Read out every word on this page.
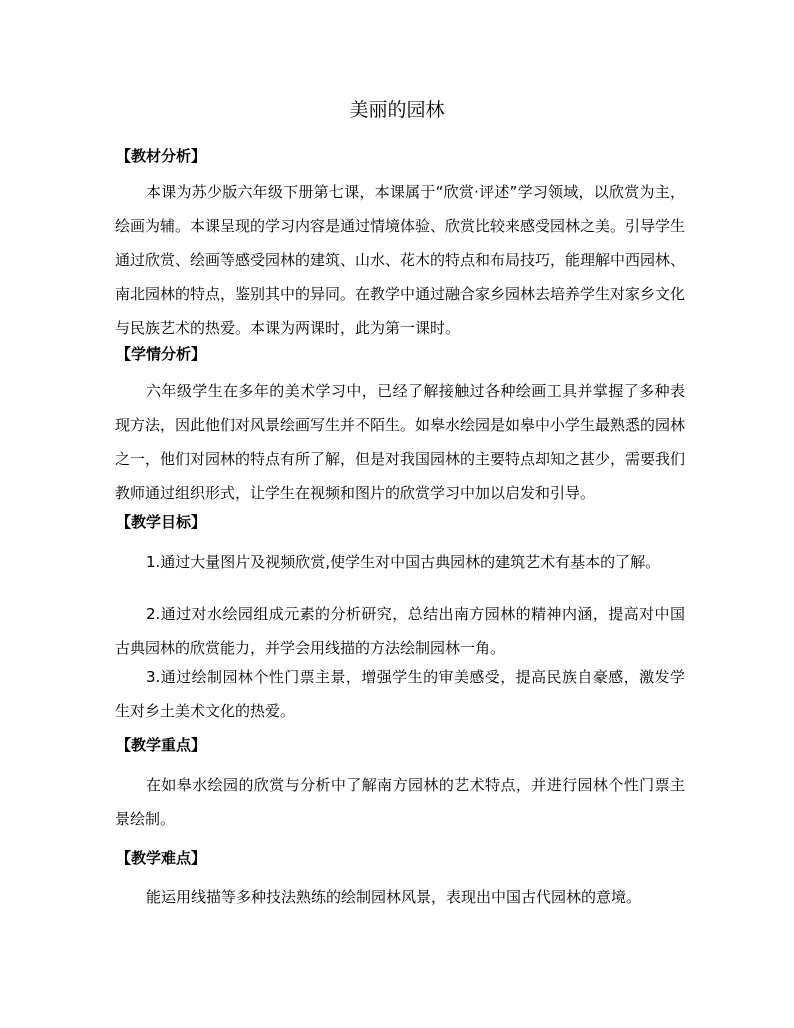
美丽的园林
【教材分析】

本课为苏少版六年级下册第七课，本课属于“欣赏·评述”学习领域，以欣赏为主，绘画为辅。本课呈现的学习内容是通过情境体验、欣赏比较来感受园林之美。引导学生通过欣赏、绘画等感受园林的建筑、山水、花木的特点和布局技巧，能理解中西园林、南北园林的特点，鉴别其中的异同。在教学中通过融合家乡园林去培养学生对家乡文化与民族艺术的热爱。本课为两课时，此为第一课时。

【学情分析】

六年级学生在多年的美术学习中，已经了解接触过各种绘画工具并掌握了多种表现方法，因此他们对风景绘画写生并不陌生。如皋水绘园是如皋中小学生最熟悉的园林之一，他们对园林的特点有所了解，但是对我国园林的主要特点却知之甚少，需要我们教师通过组织形式，让学生在视频和图片的欣赏学习中加以启发和引导。

【教学目标】

1.通过大量图片及视频欣赏,使学生对中国古典园林的建筑艺术有基本的了解。

2.通过对水绘园组成元素的分析研究，总结出南方园林的精神内涵，提高对中国古典园林的欣赏能力，并学会用线描的方法绘制园林一角。

3.通过绘制园林个性门票主景，增强学生的审美感受，提高民族自豪感，激发学生对乡土美术文化的热爱。

【教学重点】

在如皋水绘园的欣赏与分析中了解南方园林的艺术特点，并进行园林个性门票主景绘制。

【教学难点】

能运用线描等多种技法熟练的绘制园林风景，表现出中国古代园林的意境。
